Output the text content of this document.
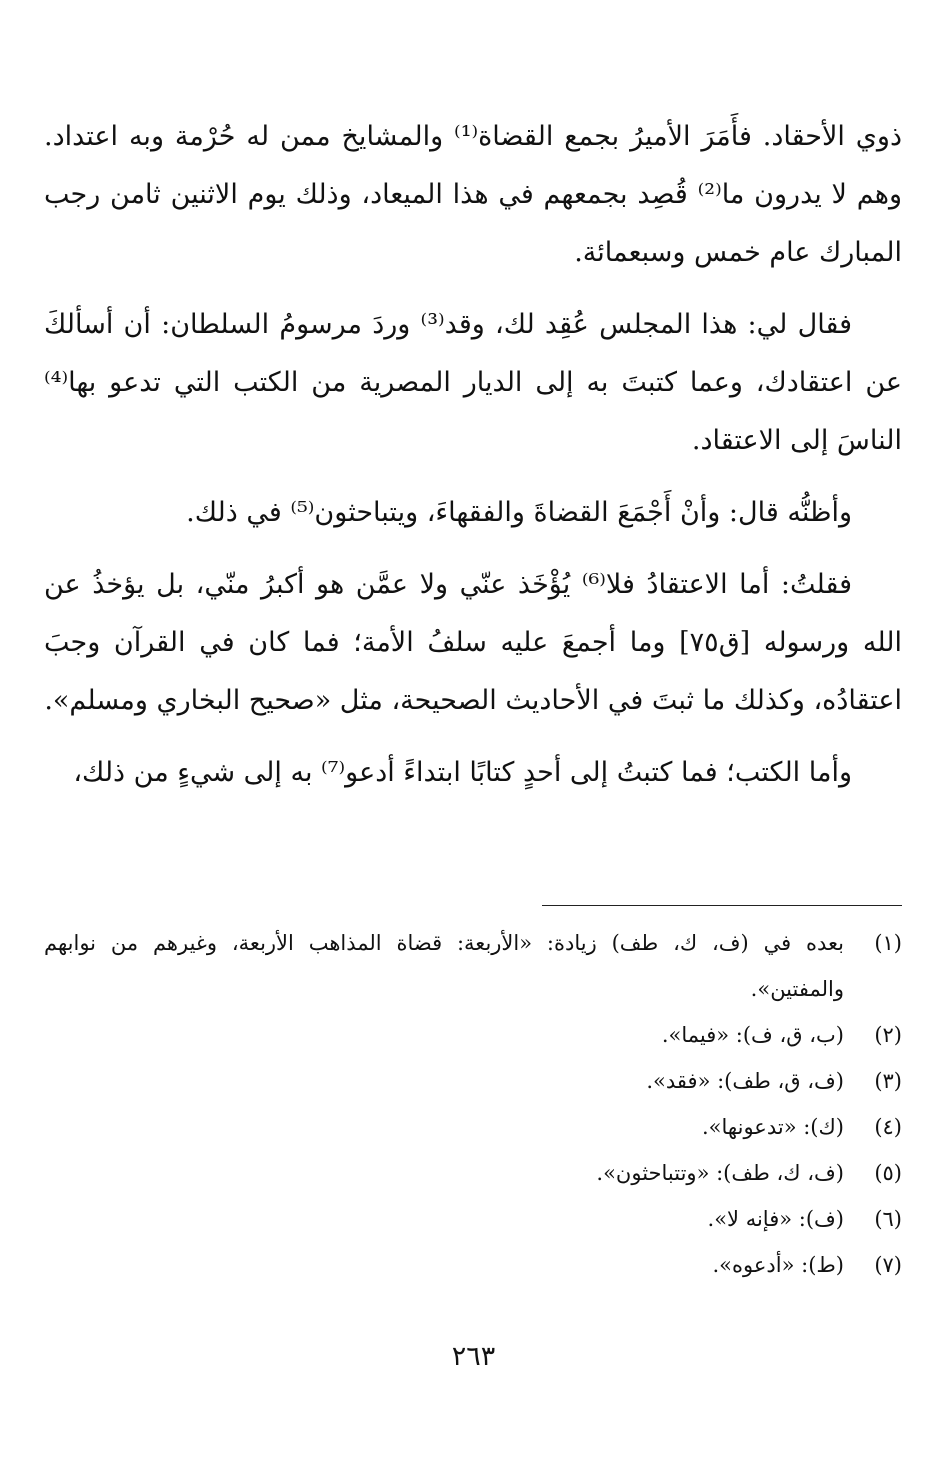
ذوي الأحقاد. فأَمَرَ الأميرُ بجمع القضاة⁽¹⁾ والمشايخ ممن له حُرْمة وبه اعتداد. وهم لا يدرون ما⁽²⁾ قُصِد بجمعهم في هذا الميعاد، وذلك يوم الاثنين ثامن رجب المبارك عام خمس وسبعمائة.

فقال لي: هذا المجلس عُقِد لك، وقد⁽³⁾ وردَ مرسومُ السلطان: أن أسألكَ عن اعتقادك، وعما كتبتَ به إلى الديار المصرية من الكتب التي تدعو بها⁽⁴⁾ الناسَ إلى الاعتقاد.

وأظنُّه قال: وأنْ أَجْمَعَ القضاةَ والفقهاءَ، ويتباحثون⁽⁵⁾ في ذلك.

فقلتُ: أما الاعتقادُ فلا⁽⁶⁾ يُؤْخَذ عنّي ولا عمَّن هو أكبرُ منّي، بل يؤخذُ عن الله ورسوله [ق٧٥] وما أجمعَ عليه سلفُ الأمة؛ فما كان في القرآن وجبَ اعتقادُه، وكذلك ما ثبتَ في الأحاديث الصحيحة، مثل «صحيح البخاري ومسلم».

وأما الكتب؛ فما كتبتُ إلى أحدٍ كتابًا ابتداءً أدعو⁽⁷⁾ به إلى شيءٍ من ذلك،

(١)
بعده في (ف، ك، طف) زيادة: «الأربعة: قضاة المذاهب الأربعة، وغيرهم من نوابهم والمفتين».
(٢)
(ب، ق، ف): «فيما».
(٣)
(ف، ق، طف): «فقد».
(٤)
(ك): «تدعونها».
(٥)
(ف، ك، طف): «وتتباحثون».
(٦)
(ف): «فإنه لا».
(٧)
(ط): «أدعوه».
٢٦٣
